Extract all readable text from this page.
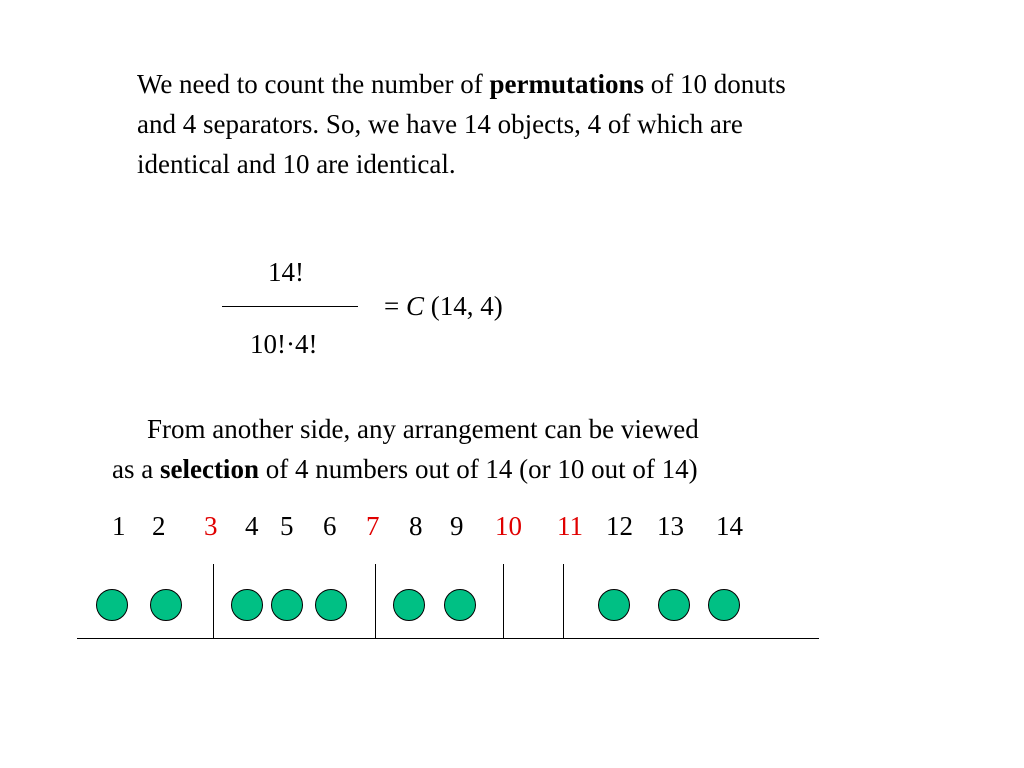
We need to count the number of permutations of 10 donuts
and 4 separators. So, we have 14 objects, 4 of which are
identical and 10 are identical.
14!
10!·4!
= C (14, 4)
From another side, any arrangement can be viewed
as a selection of 4 numbers out of 14 (or 10 out of 14)
1 2 3 4 5 6 7 8 9 10 11 12 13 14
